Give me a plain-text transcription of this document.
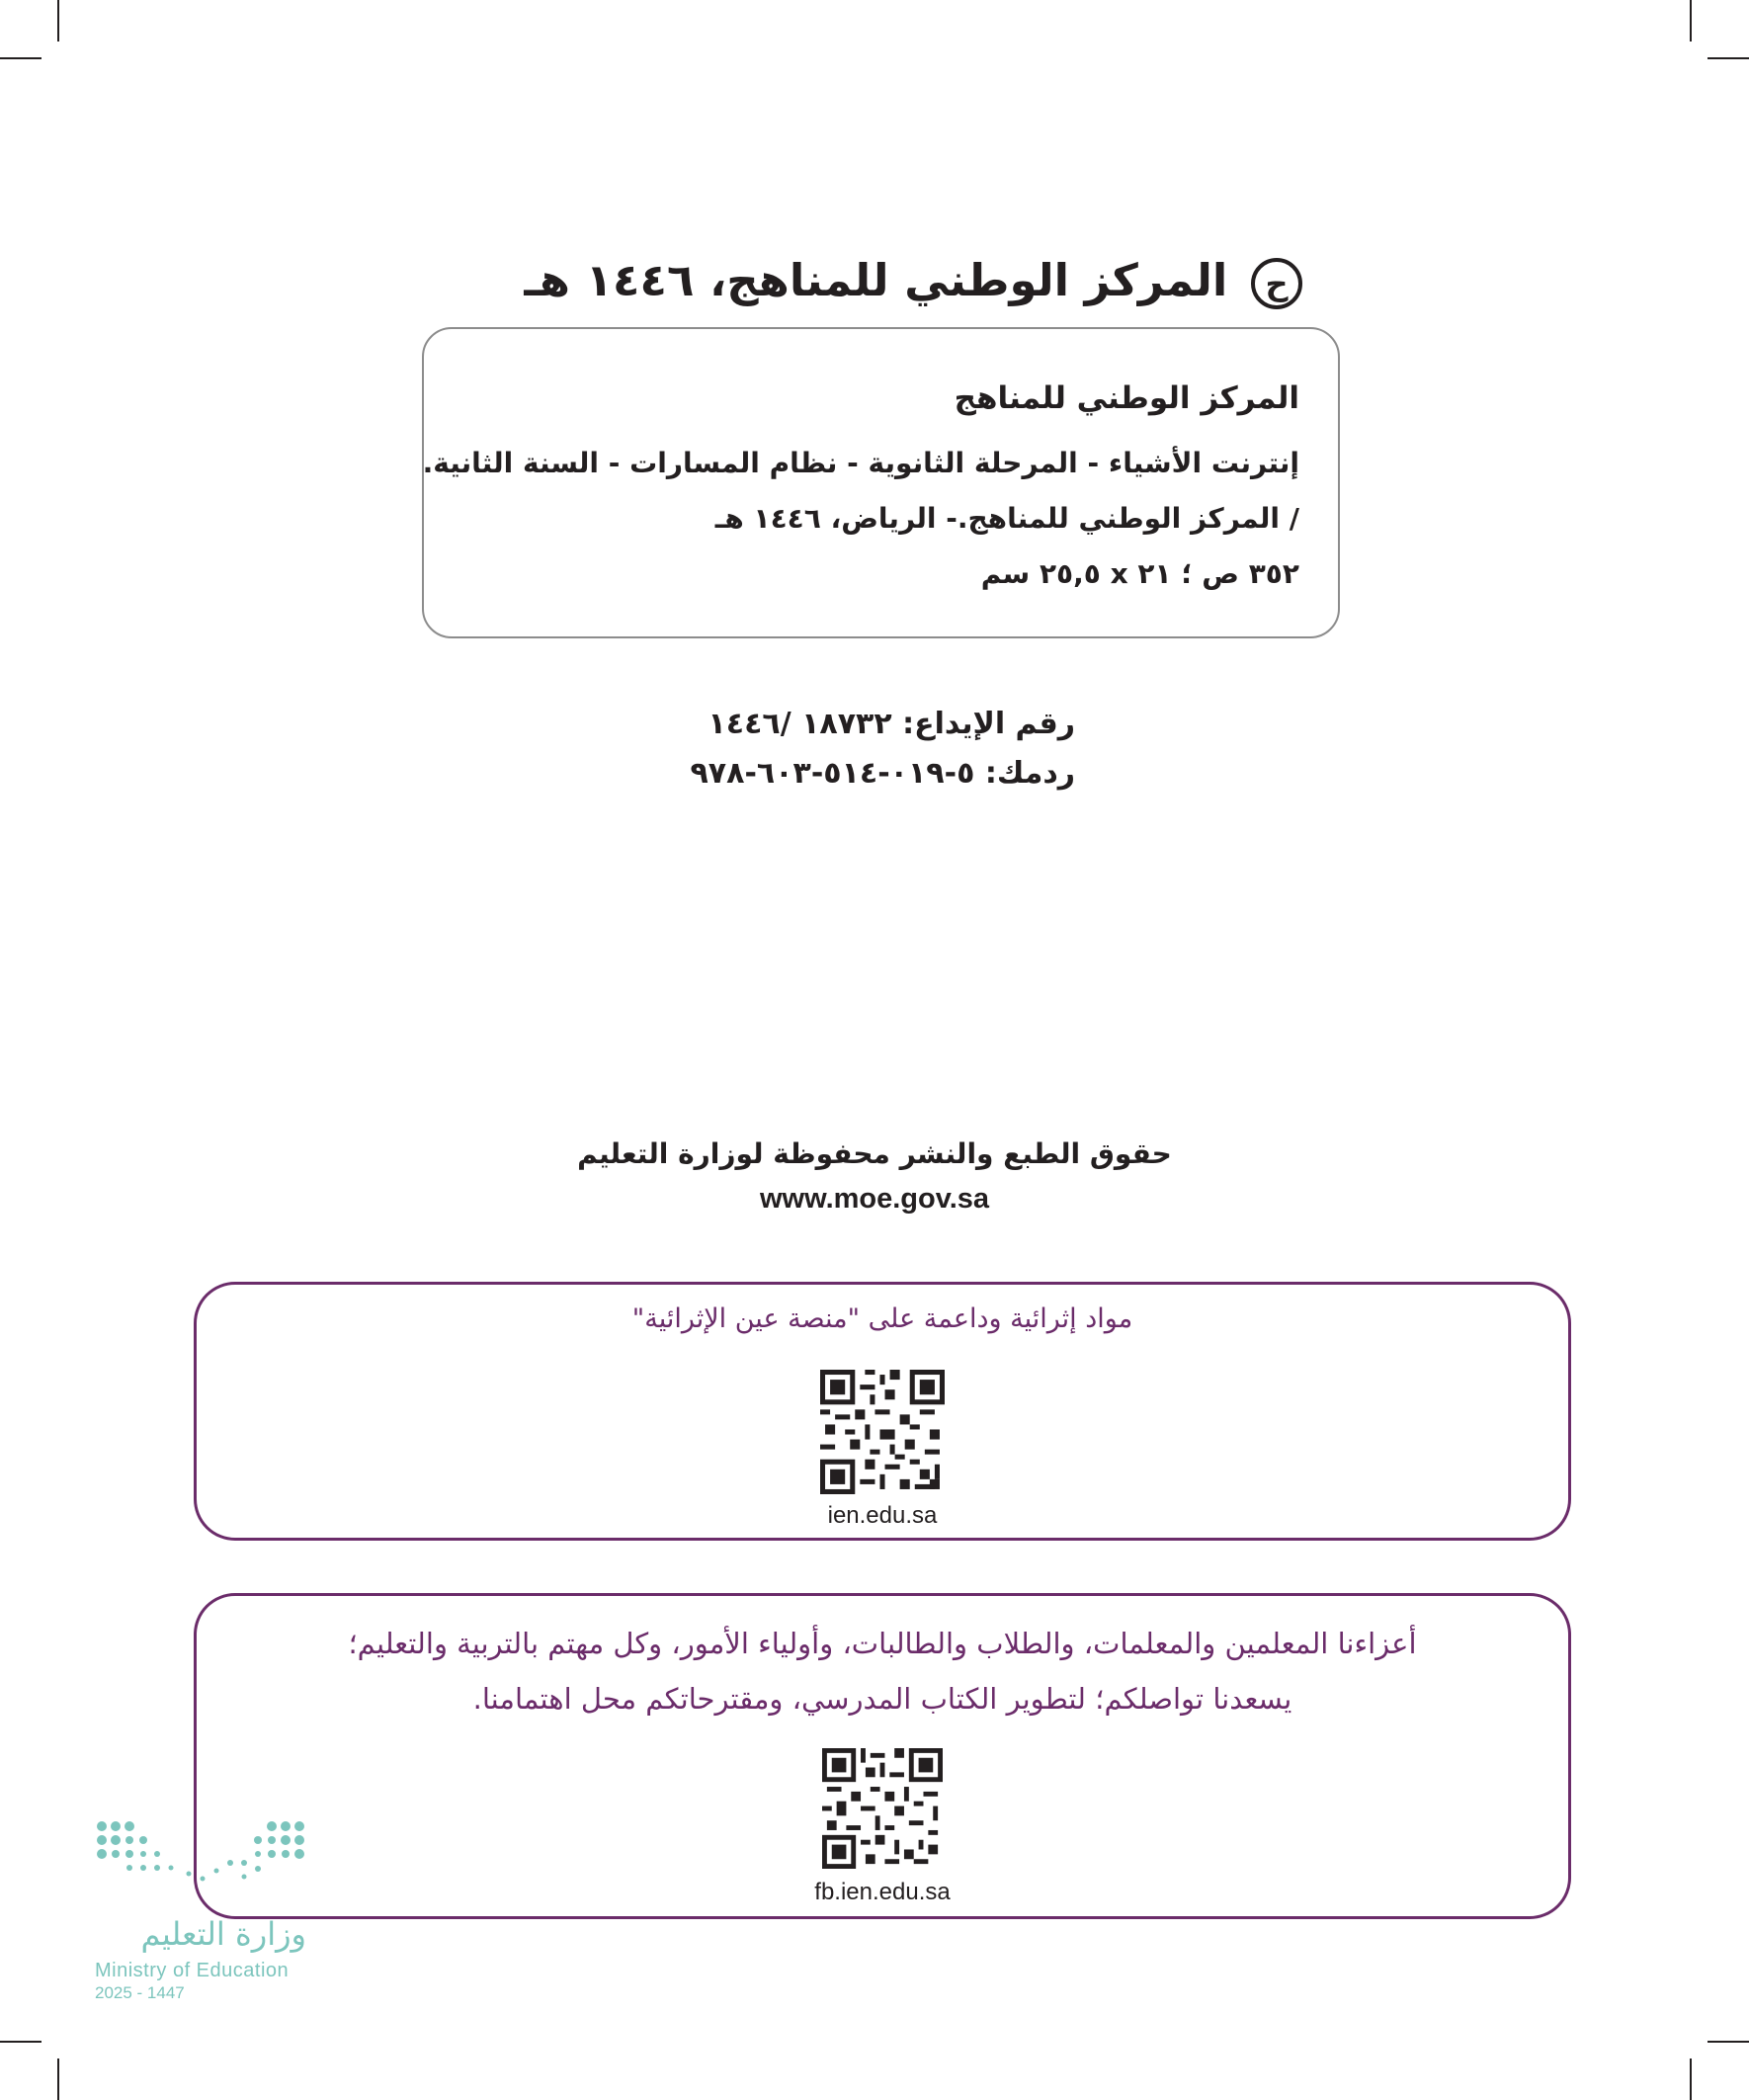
ح المركز الوطني للمناهج، ١٤٤٦ هـ
المركز الوطني للمناهج
إنترنت الأشياء - المرحلة الثانوية - نظام المسارات - السنة الثانية.
/ المركز الوطني للمناهج.- الرياض، ١٤٤٦ هـ
٣٥٢ ص ؛ ٢١ x ٢٥,٥ سم
رقم الإيداع: ١٨٧٣٢ /١٤٤٦
ردمك: ٥-٠١٩-٥١٤-٦٠٣-٩٧٨
حقوق الطبع والنشر محفوظة لوزارة التعليم
www.moe.gov.sa
مواد إثرائية وداعمة على "منصة عين الإثرائية"
ien.edu.sa
أعزاءنا المعلمين والمعلمات، والطلاب والطالبات، وأولياء الأمور، وكل مهتم بالتربية والتعليم؛
يسعدنا تواصلكم؛ لتطوير الكتاب المدرسي، ومقترحاتكم محل اهتمامنا.
fb.ien.edu.sa
وزارة التعليم
Ministry of Education
2025 - 1447
